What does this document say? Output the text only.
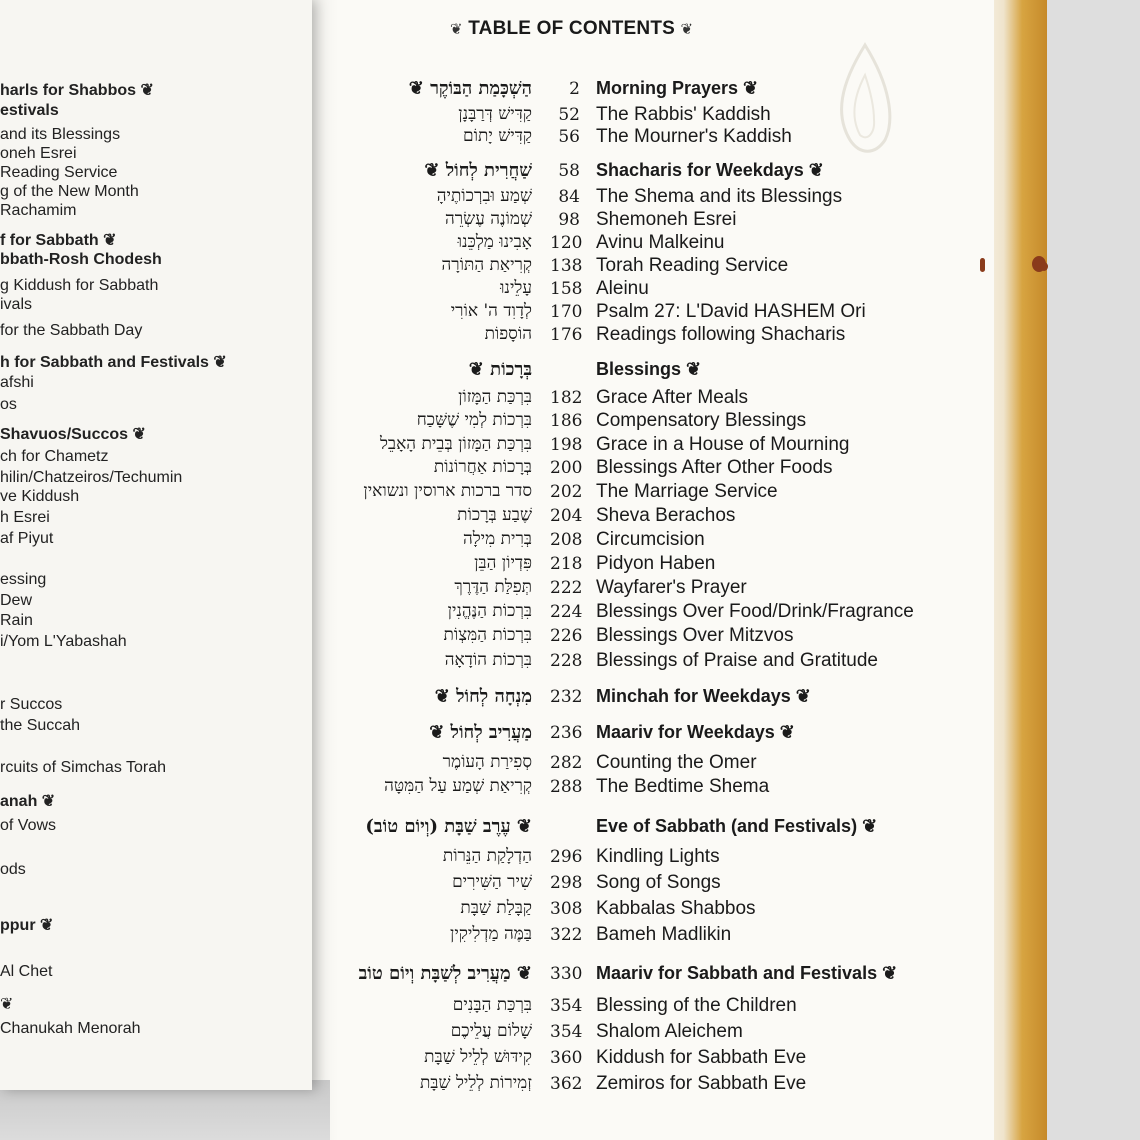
harls for Shabbos ❦
estivals
and its Blessings
oneh Esrei
Reading Service
g of the New Month
Rachamim
f for Sabbath ❦
bbath-Rosh Chodesh
g Kiddush for Sabbath
ivals
for the Sabbath Day
h for Sabbath and Festivals ❦
afshi
os
Shavuos/Succos ❦
ch for Chametz
hilin/Chatzeiros/Techumin
ve Kiddush
h Esrei
af Piyut
essing
Dew
Rain
i/Yom L'Yabashah
r Succos
the Succah
rcuits of Simchas Torah
anah ❦
of Vows
ods
ppur ❦
Al Chet
❦
Chanukah Menorah
❦ TABLE OF CONTENTS ❦
הַשְׁכָּמַת הַבּוֹקֶר ❦	2 Morning Prayers ❦
קַדִּישׁ דְּרַבָּנָן	52 The Rabbis' Kaddish
קַדִּישׁ יָתוֹם	56 The Mourner's Kaddish
שַׁחֲרִית לְחוֹל ❦	58 Shacharis for Weekdays ❦
שְׁמַע וּבִרְכוֹתֶיהָ	84 The Shema and its Blessings
שְׁמוֹנֶה עֶשְׂרֵה	98 Shemoneh Esrei
אָבִינוּ מַלְכֵּנוּ 120 Avinu Malkeinu
קְרִיאַת הַתּוֹרָה 138 Torah Reading Service
עָלֵינוּ 158 Aleinu
לְדָוִד ה' אוֹרִי 170 Psalm 27: L'David HASHEM Ori
הוֹסָפוֹת 176 Readings following Shacharis
בְּרָכוֹת ❦	Blessings ❦
בִּרְכַּת הַמָּזוֹן 182 Grace After Meals
בִּרְכוֹת לְמִי שֶׁשָּׁכַח 186 Compensatory Blessings
בִּרְכַּת הַמָּזוֹן בְּבֵית הָאָבֵל 198 Grace in a House of Mourning
בְּרָכוֹת אַחֲרוֹנוֹת 200 Blessings After Other Foods
סדר ברכות ארוסין ונשואין 202 The Marriage Service
שֶׁבַע בְּרָכוֹת 204 Sheva Berachos
בְּרִית מִילָה 208 Circumcision
פִּדְיוֹן הַבֵּן 218 Pidyon Haben
תְּפִלַּת הַדֶּרֶךְ 222 Wayfarer's Prayer
בִּרְכוֹת הַנֶּהֱנִין 224 Blessings Over Food/Drink/Fragrance
בִּרְכוֹת הַמִּצְוֹת 226 Blessings Over Mitzvos
בִּרְכוֹת הוֹדָאָה 228 Blessings of Praise and Gratitude
מִנְחָה לְחוֹל ❦ 232 Minchah for Weekdays ❦
מַעֲרִיב לְחוֹל ❦ 236 Maariv for Weekdays ❦
סְפִירַת הָעוֹמֶר 282 Counting the Omer
קְרִיאַת שְׁמַע עַל הַמִּטָּה 288 The Bedtime Shema
❦ עֶרֶב שַׁבָּת (וְיוֹם טוֹב)	Eve of Sabbath (and Festivals) ❦
הַדְלָקַת הַנֵּרוֹת 296 Kindling Lights
שִׁיר הַשִּׁירִים 298 Song of Songs
קַבָּלַת שַׁבָּת 308 Kabbalas Shabbos
בַּמֶּה מַדְלִיקִין 322 Bameh Madlikin
❦ מַעֲרִיב לְשַׁבָּת וְיוֹם טוֹב 330 Maariv for Sabbath and Festivals ❦
בִּרְכַּת הַבָּנִים 354 Blessing of the Children
שָׁלוֹם עֲלֵיכֶם 354 Shalom Aleichem
קִידּוּשׁ לְלֵיל שַׁבָּת 360 Kiddush for Sabbath Eve
זְמִירוֹת לְלֵיל שַׁבָּת 362 Zemiros for Sabbath Eve
